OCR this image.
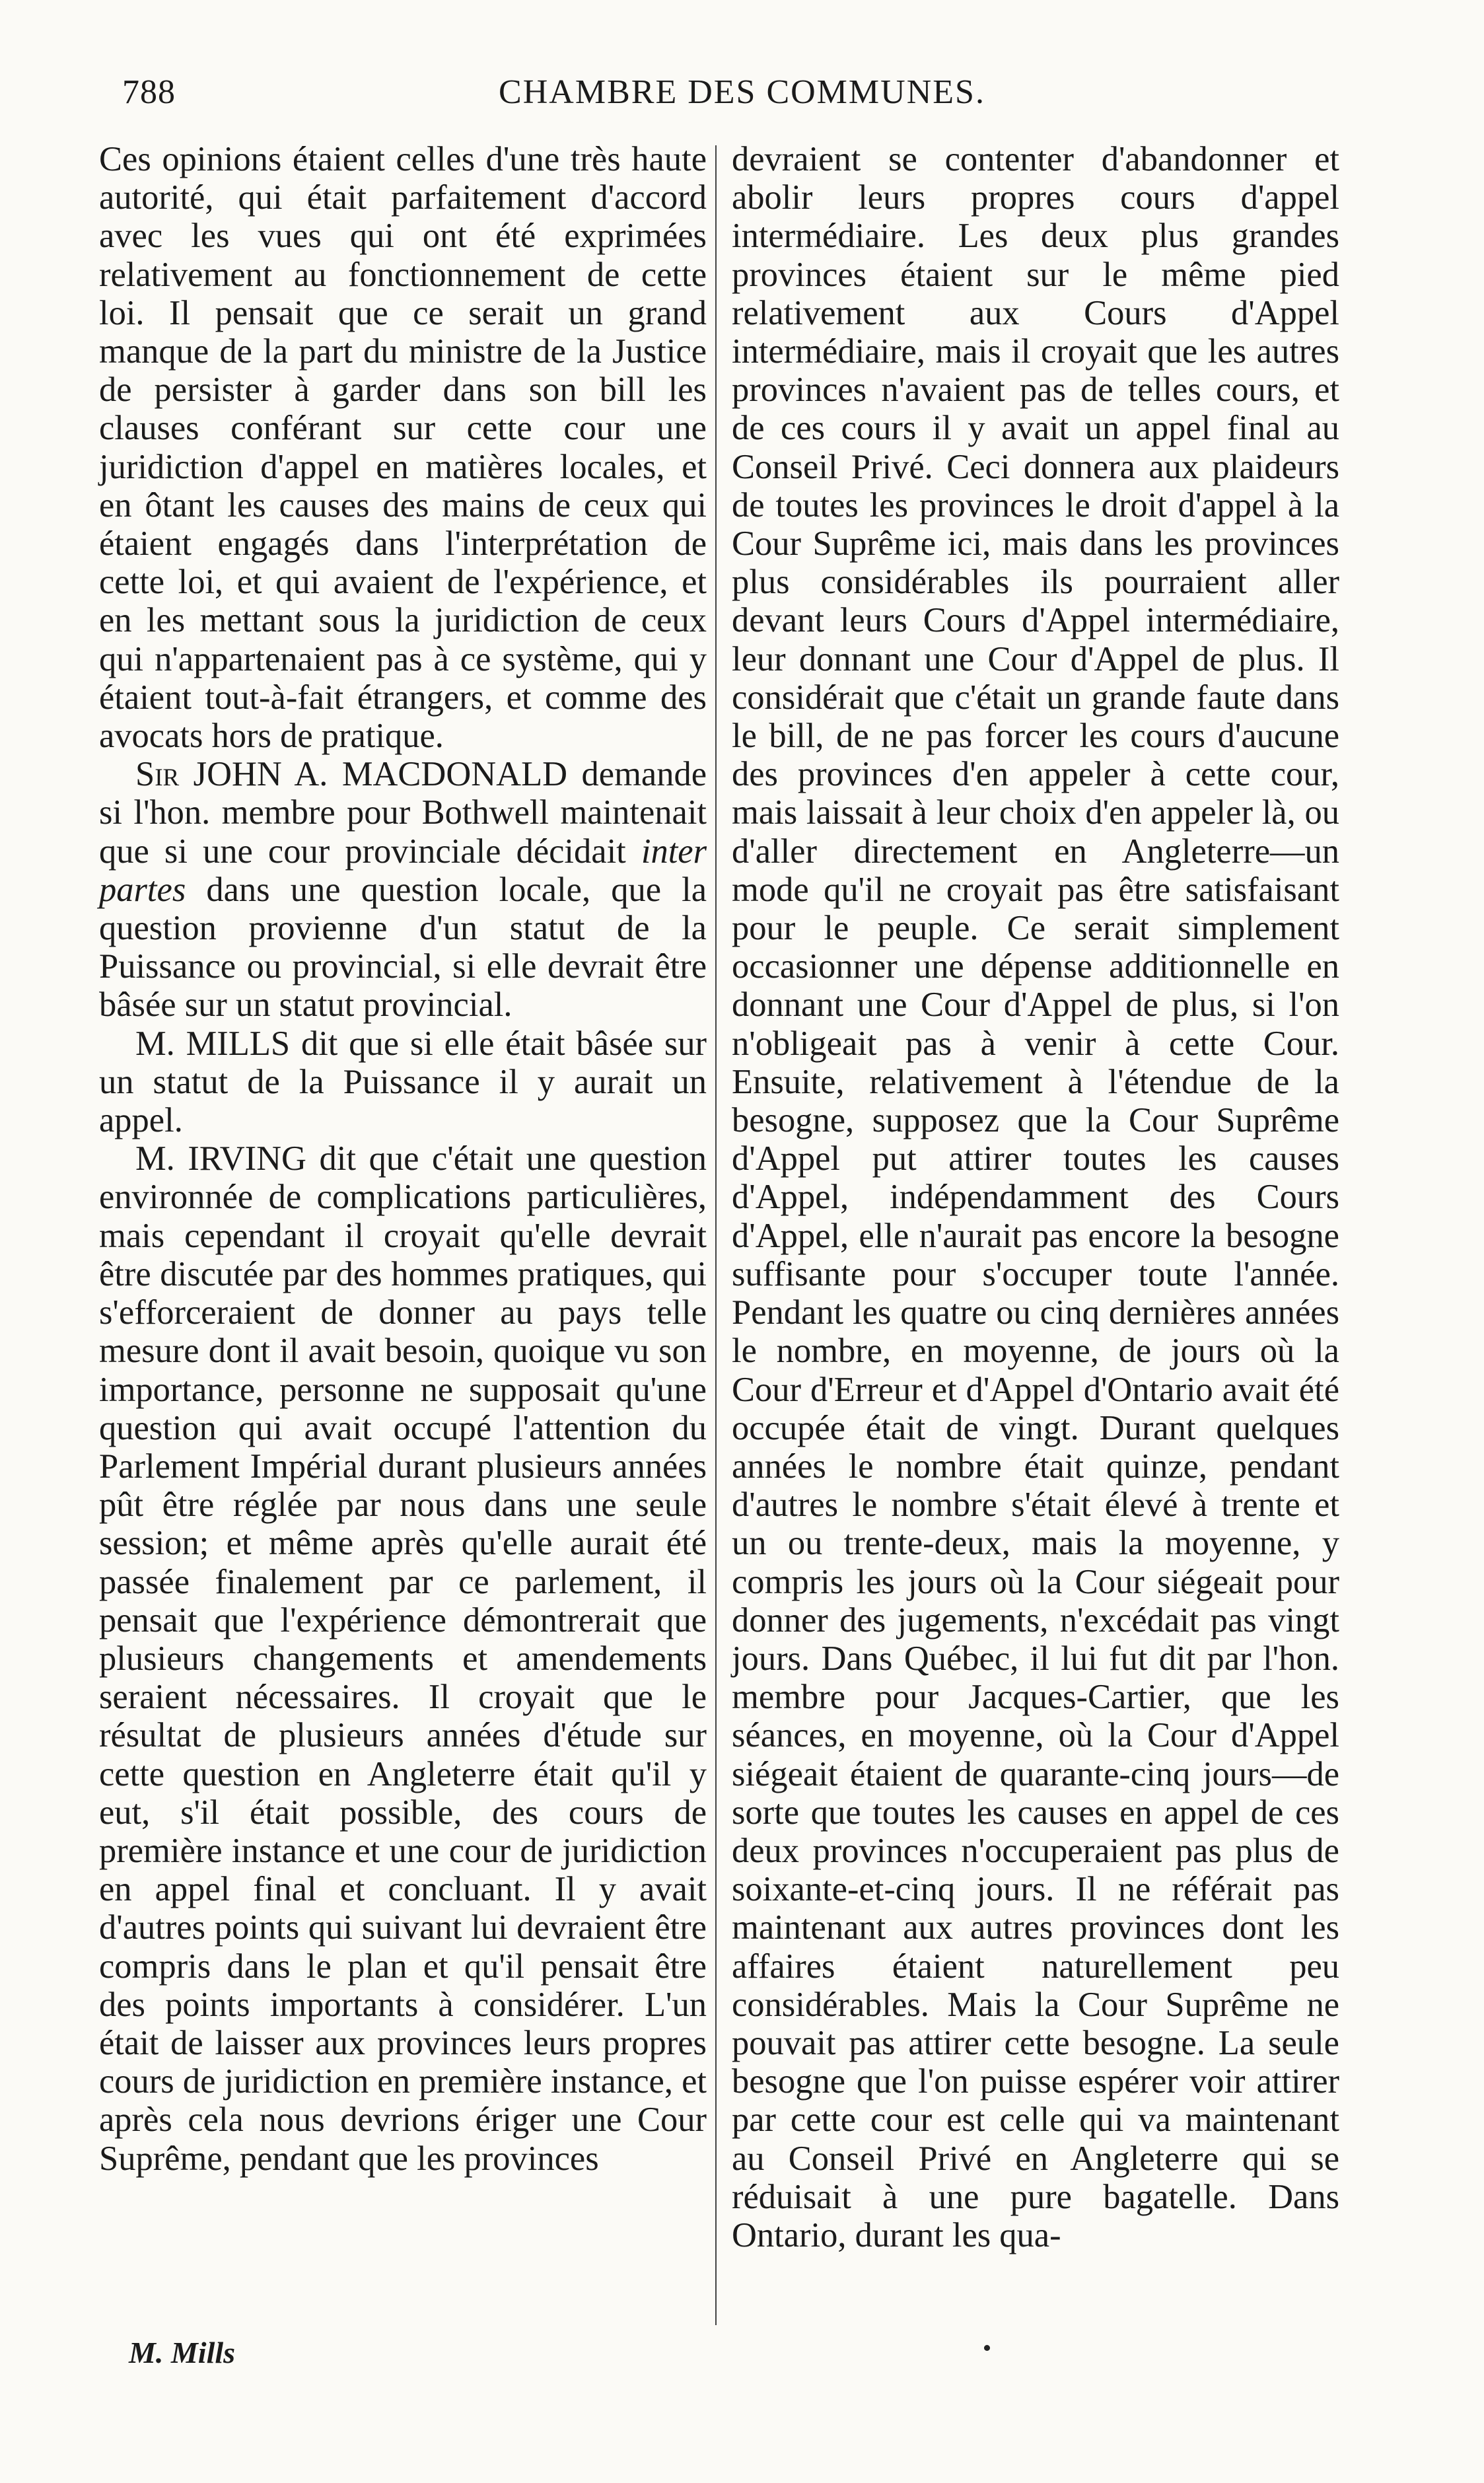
788	CHAMBRE DES COMMUNES.

Ces opinions étaient celles d'une très haute autorité, qui était parfaitement d'accord avec les vues qui ont été exprimées relativement au fonctionnement de cette loi. Il pensait que ce serait un grand manque de la part du ministre de la Justice de persister à garder dans son bill les clauses conférant sur cette cour une juridiction d'appel en matières locales, et en ôtant les causes des mains de ceux qui étaient engagés dans l'interprétation de cette loi, et qui avaient de l'expérience, et en les mettant sous la juridiction de ceux qui n'appartenaient pas à ce système, qui y étaient tout-à-fait étrangers, et comme des avocats hors de pratique.

Sir JOHN A. MACDONALD demande si l'hon. membre pour Bothwell maintenait que si une cour provinciale décidait inter partes dans une question locale, que la question provienne d'un statut de la Puissance ou provincial, si elle devrait être bâsée sur un statut provincial.

M. MILLS dit que si elle était bâsée sur un statut de la Puissance il y aurait un appel.

M. IRVING dit que c'était une question environnée de complications particulières, mais cependant il croyait qu'elle devrait être discutée par des hommes pratiques, qui s'efforceraient de donner au pays telle mesure dont il avait besoin, quoique vu son importance, personne ne supposait qu'une question qui avait occupé l'attention du Parlement Impérial durant plusieurs années pût être réglée par nous dans une seule session; et même après qu'elle aurait été passée finalement par ce parlement, il pensait que l'expérience démontrerait que plusieurs changements et amendements seraient nécessaires. Il croyait que le résultat de plusieurs années d'étude sur cette question en Angleterre était qu'il y eut, s'il était possible, des cours de première instance et une cour de juridiction en appel final et concluant. Il y avait d'autres points qui suivant lui devraient être compris dans le plan et qu'il pensait être des points importants à considérer. L'un était de laisser aux provinces leurs propres cours de juridiction en première instance, et après cela nous devrions ériger une Cour Suprême, pendant que les provinces

devraient se contenter d'abandonner et abolir leurs propres cours d'appel intermédiaire. Les deux plus grandes provinces étaient sur le même pied relativement aux Cours d'Appel intermédiaire, mais il croyait que les autres provinces n'avaient pas de telles cours, et de ces cours il y avait un appel final au Conseil Privé. Ceci donnera aux plaideurs de toutes les provinces le droit d'appel à la Cour Suprême ici, mais dans les provinces plus considérables ils pourraient aller devant leurs Cours d'Appel intermédiaire, leur donnant une Cour d'Appel de plus. Il considérait que c'était un grande faute dans le bill, de ne pas forcer les cours d'aucune des provinces d'en appeler à cette cour, mais laissait à leur choix d'en appeler là, ou d'aller directement en Angleterre—un mode qu'il ne croyait pas être satisfaisant pour le peuple. Ce serait simplement occasionner une dépense additionnelle en donnant une Cour d'Appel de plus, si l'on n'obligeait pas à venir à cette Cour. Ensuite, relativement à l'étendue de la besogne, supposez que la Cour Suprême d'Appel put attirer toutes les causes d'Appel, indépendamment des Cours d'Appel, elle n'aurait pas encore la besogne suffisante pour s'occuper toute l'année. Pendant les quatre ou cinq dernières années le nombre, en moyenne, de jours où la Cour d'Erreur et d'Appel d'Ontario avait été occupée était de vingt. Durant quelques années le nombre était quinze, pendant d'autres le nombre s'était élevé à trente et un ou trente-deux, mais la moyenne, y compris les jours où la Cour siégeait pour donner des jugements, n'excédait pas vingt jours. Dans Québec, il lui fut dit par l'hon. membre pour Jacques-Cartier, que les séances, en moyenne, où la Cour d'Appel siégeait étaient de quarante-cinq jours—de sorte que toutes les causes en appel de ces deux provinces n'occuperaient pas plus de soixante-et-cinq jours. Il ne référait pas maintenant aux autres provinces dont les affaires étaient naturellement peu considérables. Mais la Cour Suprême ne pouvait pas attirer cette besogne. La seule besogne que l'on puisse espérer voir attirer par cette cour est celle qui va maintenant au Conseil Privé en Angleterre qui se réduisait à une pure bagatelle. Dans Ontario, durant les qua-

M. Mills
